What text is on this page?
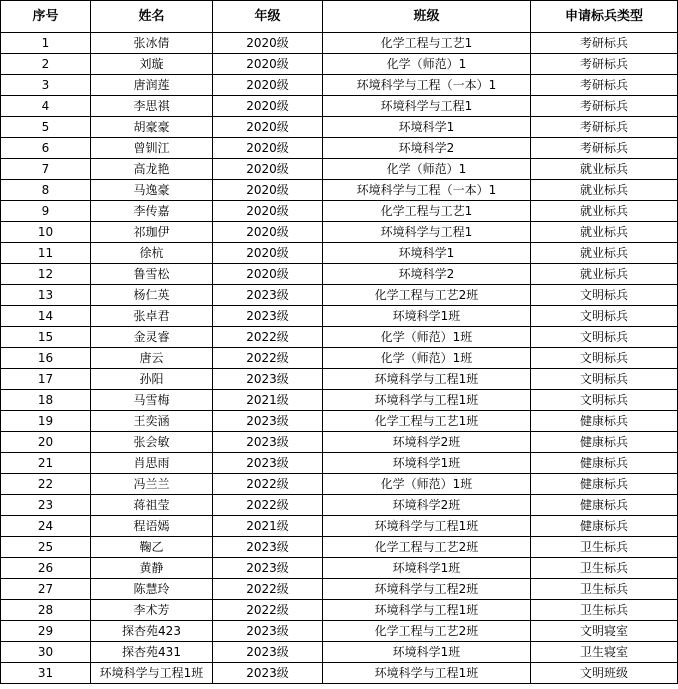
序号	姓名	年级	班级	申请标兵类型
1	张冰倩	2020级	化学工程与工艺1	考研标兵
2	刘璇	2020级	化学（师范）1	考研标兵
3	唐润莲	2020级	环境科学与工程（一本）1	考研标兵
4	李思祺	2020级	环境科学与工程1	考研标兵
5	胡豪豪	2020级	环境科学1	考研标兵
6	曾钏江	2020级	环境科学2	考研标兵
7	高龙艳	2020级	化学（师范）1	就业标兵
8	马逸豪	2020级	环境科学与工程（一本）1	就业标兵
9	李传嘉	2020级	化学工程与工艺1	就业标兵
10	祁珈伊	2020级	环境科学与工程1	就业标兵
11	徐杭	2020级	环境科学1	就业标兵
12	鲁雪松	2020级	环境科学2	就业标兵
13	杨仁英	2023级	化学工程与工艺2班	文明标兵
14	张卓君	2023级	环境科学1班	文明标兵
15	金灵睿	2022级	化学（师范）1班	文明标兵
16	唐云	2022级	化学（师范）1班	文明标兵
17	孙阳	2023级	环境科学与工程1班	文明标兵
18	马雪梅	2021级	环境科学与工程1班	文明标兵
19	王奕涵	2023级	化学工程与工艺1班	健康标兵
20	张会敏	2023级	环境科学2班	健康标兵
21	肖思雨	2023级	环境科学1班	健康标兵
22	冯兰兰	2022级	化学（师范）1班	健康标兵
23	蒋祖莹	2022级	环境科学2班	健康标兵
24	程语嫣	2021级	环境科学与工程1班	健康标兵
25	鞠乙	2023级	化学工程与工艺2班	卫生标兵
26	黄静	2023级	环境科学1班	卫生标兵
27	陈慧玲	2022级	环境科学与工程2班	卫生标兵
28	李术芳	2022级	环境科学与工程1班	卫生标兵
29	探杏苑423	2023级	化学工程与工艺2班	文明寝室
30	探杏苑431	2023级	环境科学1班	卫生寝室
31	环境科学与工程1班	2023级	环境科学与工程1班	文明班级
